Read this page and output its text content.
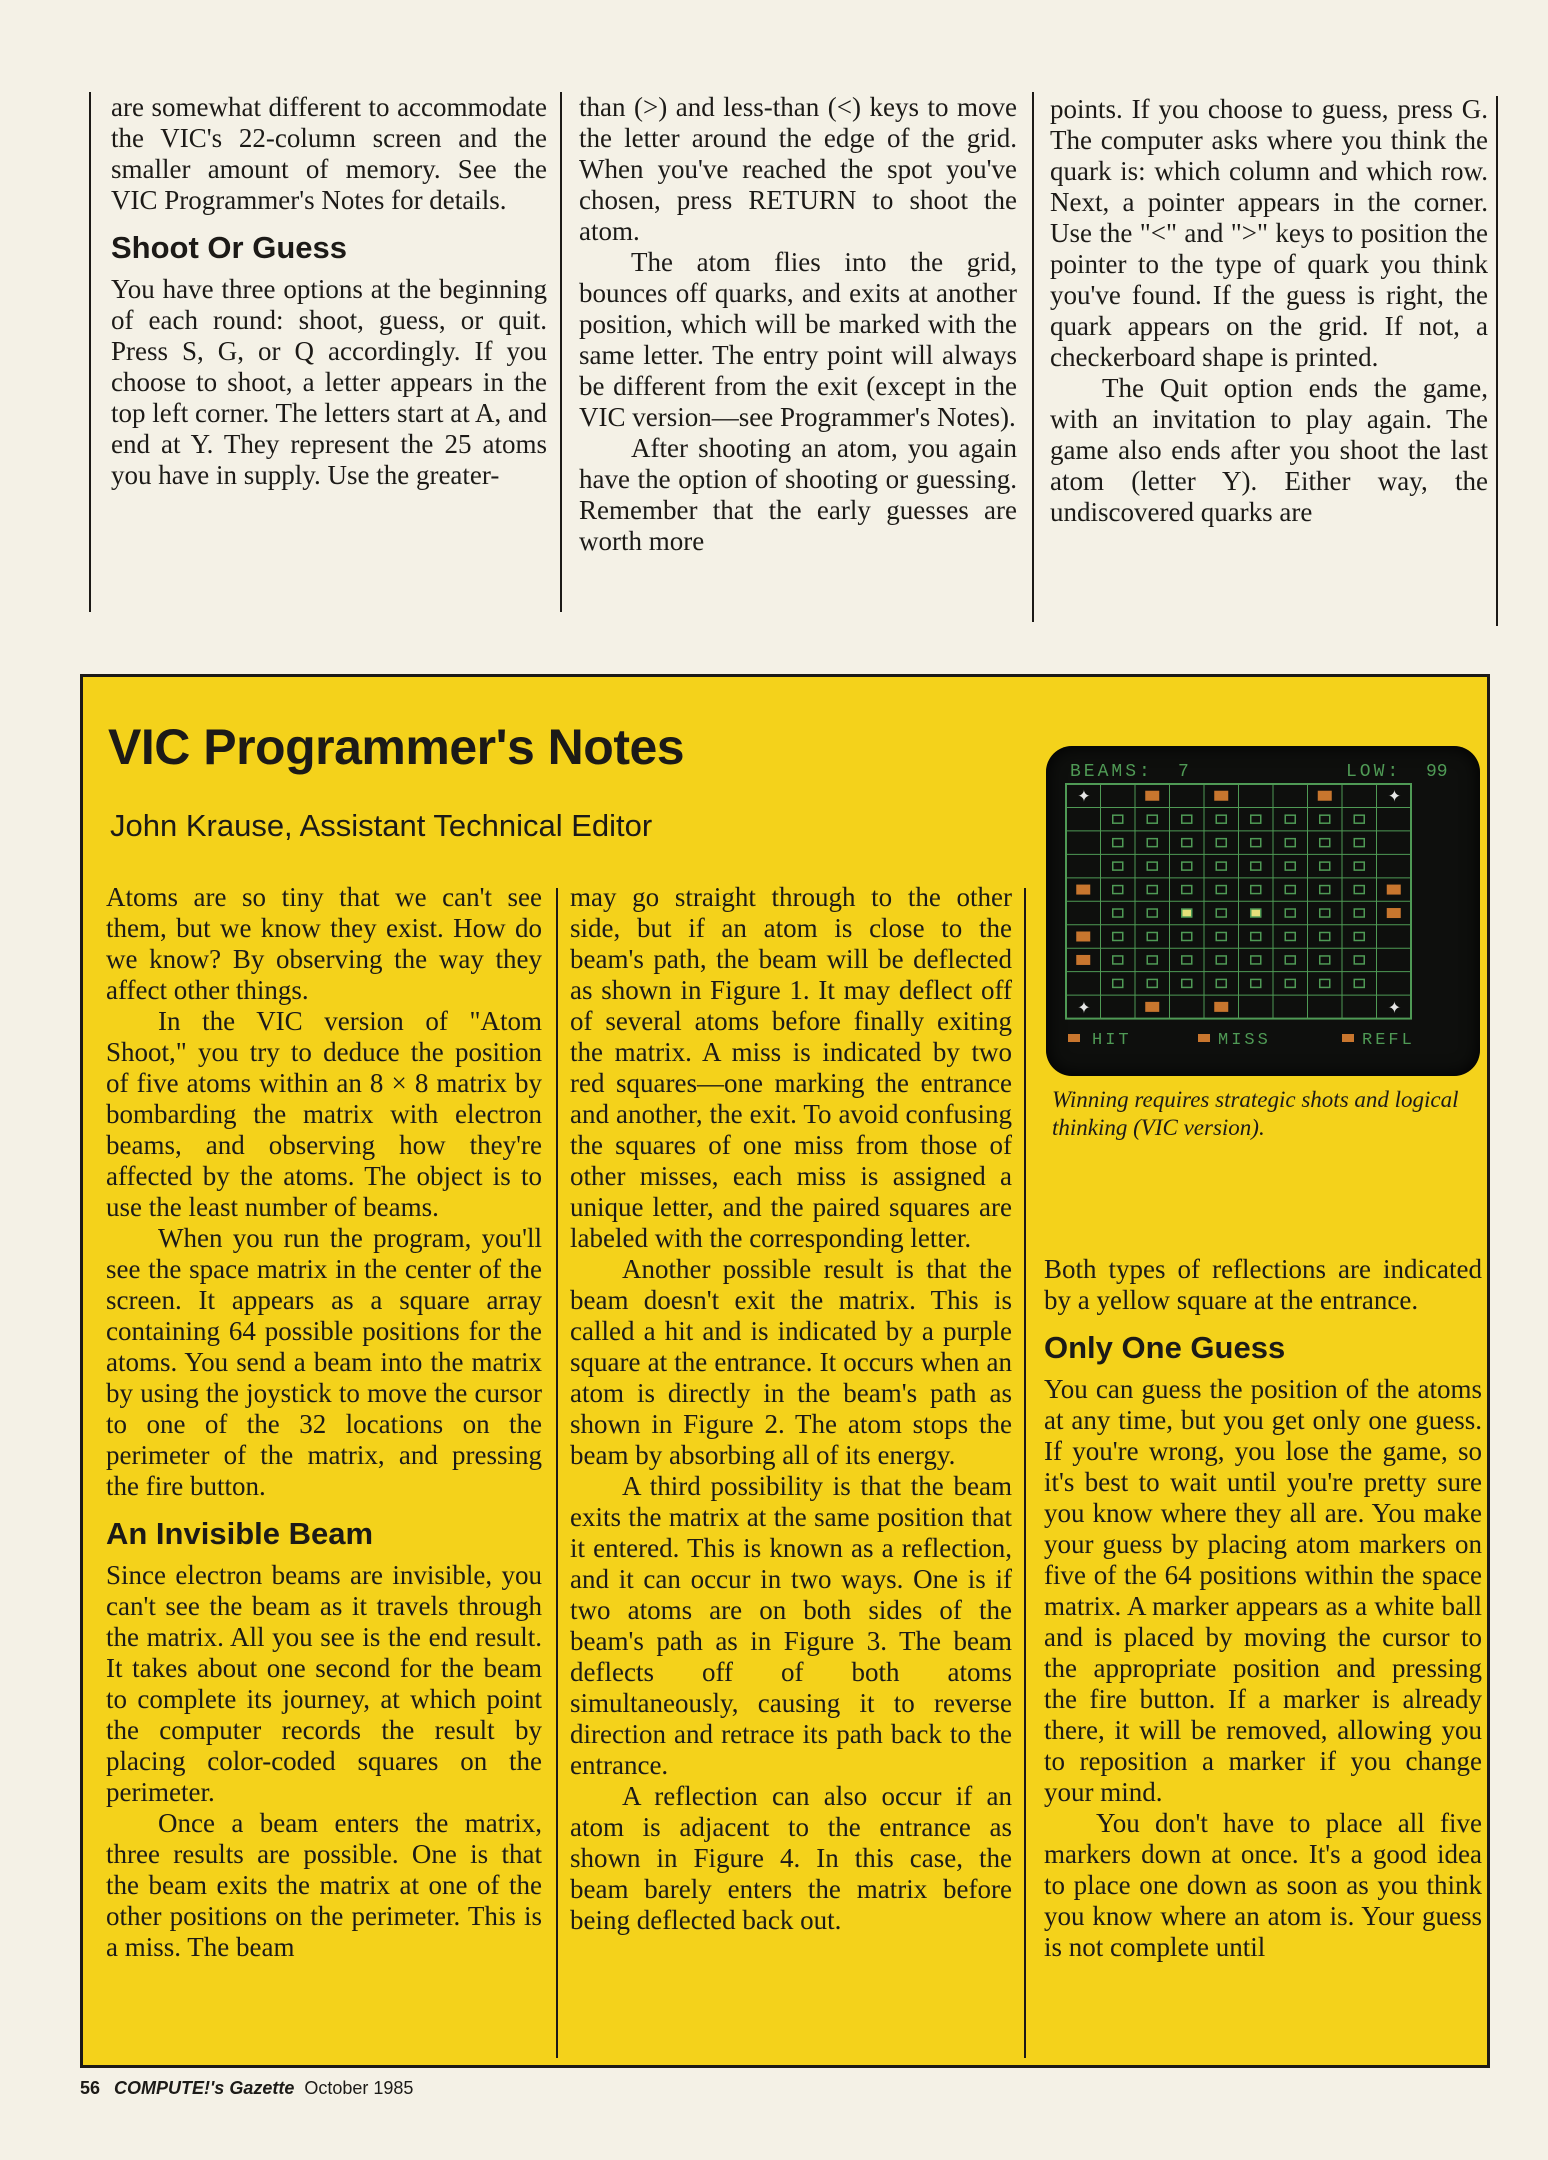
are somewhat different to accommodate the VIC's 22-column screen and the smaller amount of memory. See the VIC Programmer's Notes for details.

Shoot Or Guess

You have three options at the beginning of each round: shoot, guess, or quit. Press S, G, or Q accordingly. If you choose to shoot, a letter appears in the top left corner. The letters start at A, and end at Y. They represent the 25 atoms you have in supply. Use the greater-

than (>) and less-than (<) keys to move the letter around the edge of the grid. When you've reached the spot you've chosen, press RETURN to shoot the atom.

The atom flies into the grid, bounces off quarks, and exits at another position, which will be marked with the same letter. The entry point will always be different from the exit (except in the VIC version—see Programmer's Notes).

After shooting an atom, you again have the option of shooting or guessing. Remember that the early guesses are worth more

points. If you choose to guess, press G. The computer asks where you think the quark is: which column and which row. Next, a pointer appears in the corner. Use the "<" and ">" keys to position the pointer to the type of quark you think you've found. If the guess is right, the quark appears on the grid. If not, a checkerboard shape is printed.

The Quit option ends the game, with an invitation to play again. The game also ends after you shoot the last atom (letter Y). Either way, the undiscovered quarks are

VIC Programmer's Notes
John Krause, Assistant Technical Editor

Atoms are so tiny that we can't see them, but we know they exist. How do we know? By observing the way they affect other things.

In the VIC version of "Atom Shoot," you try to deduce the position of five atoms within an 8 × 8 matrix by bombarding the matrix with electron beams, and observing how they're affected by the atoms. The object is to use the least number of beams.

When you run the program, you'll see the space matrix in the center of the screen. It appears as a square array containing 64 possible positions for the atoms. You send a beam into the matrix by using the joystick to move the cursor to one of the 32 locations on the perimeter of the matrix, and pressing the fire button.

An Invisible Beam

Since electron beams are invisible, you can't see the beam as it travels through the matrix. All you see is the end result. It takes about one second for the beam to complete its journey, at which point the computer records the result by placing color-coded squares on the perimeter.

Once a beam enters the matrix, three results are possible. One is that the beam exits the matrix at one of the other positions on the perimeter. This is a miss. The beam

may go straight through to the other side, but if an atom is close to the beam's path, the beam will be deflected as shown in Figure 1. It may deflect off of several atoms before finally exiting the matrix. A miss is indicated by two red squares—one marking the entrance and another, the exit. To avoid confusing the squares of one miss from those of other misses, each miss is assigned a unique letter, and the paired squares are labeled with the corresponding letter.

Another possible result is that the beam doesn't exit the matrix. This is called a hit and is indicated by a purple square at the entrance. It occurs when an atom is directly in the beam's path as shown in Figure 2. The atom stops the beam by absorbing all of its energy.

A third possibility is that the beam exits the matrix at the same position that it entered. This is known as a reflection, and it can occur in two ways. One is if two atoms are on both sides of the beam's path as in Figure 3. The beam deflects off of both atoms simultaneously, causing it to reverse direction and retrace its path back to the entrance.

A reflection can also occur if an atom is adjacent to the entrance as shown in Figure 4. In this case, the beam barely enters the matrix before being deflected back out.

BEAMS: 7	LOW: 99
✦	✦
✦	✦
HIT	MISS	REFL
Winning requires strategic shots and logical thinking (VIC version).

Both types of reflections are indicated by a yellow square at the entrance.

Only One Guess

You can guess the position of the atoms at any time, but you get only one guess. If you're wrong, you lose the game, so it's best to wait until you're pretty sure you know where they all are. You make your guess by placing atom markers on five of the 64 positions within the space matrix. A marker appears as a white ball and is placed by moving the cursor to the appropriate position and pressing the fire button. If a marker is already there, it will be removed, allowing you to reposition a marker if you change your mind.

You don't have to place all five markers down at once. It's a good idea to place one down as soon as you think you know where an atom is. Your guess is not complete until

56 COMPUTE!'s Gazette October 1985
